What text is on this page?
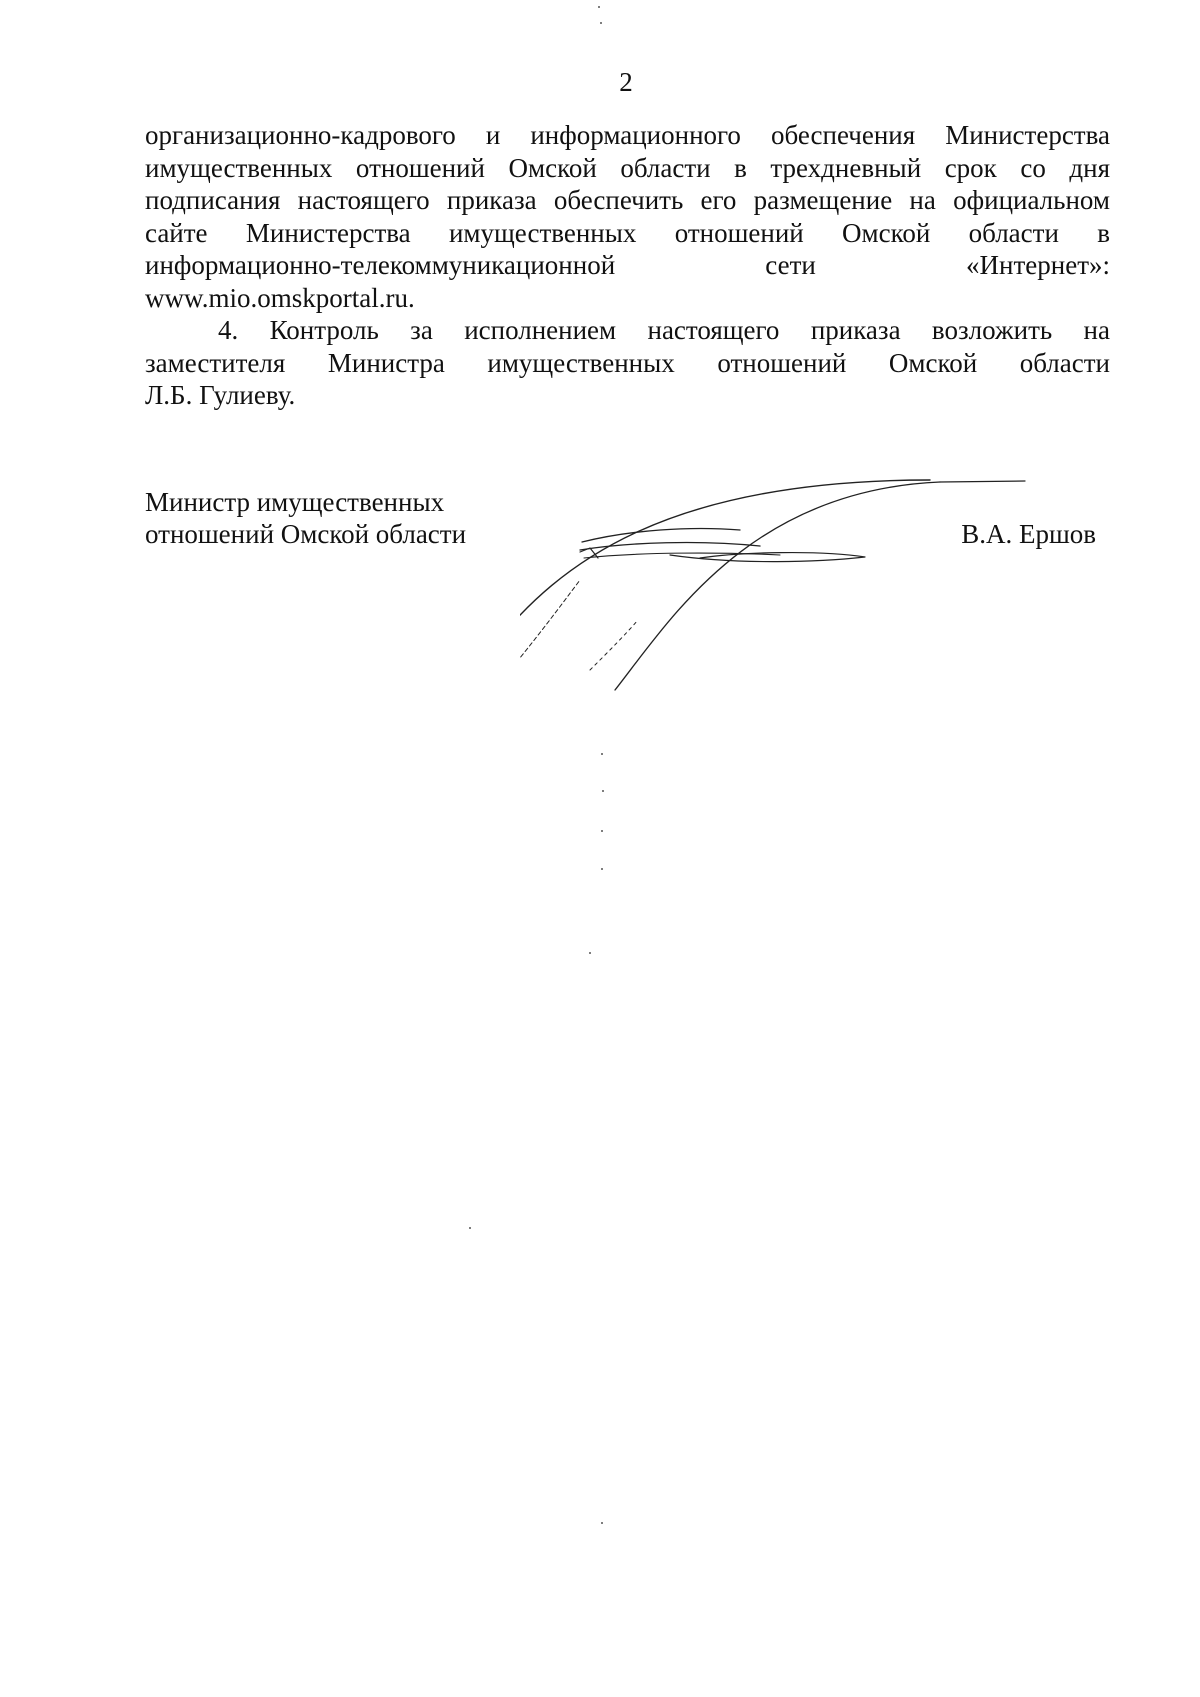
2

организационно-кадрового и информационного обеспечения Министерства

имущественных отношений Омской области в трехдневный срок со дня

подписания настоящего приказа обеспечить его размещение на официальном

сайте Министерства имущественных отношений Омской области в

информационно-телекоммуникационной сети «Интернет»:

www.mio.omskportal.ru.

4. Контроль за исполнением настоящего приказа возложить на

заместителя Министра имущественных отношений Омской области

Л.Б. Гулиеву.

Министр имущественных
отношений Омской области	В.А. Ершов
